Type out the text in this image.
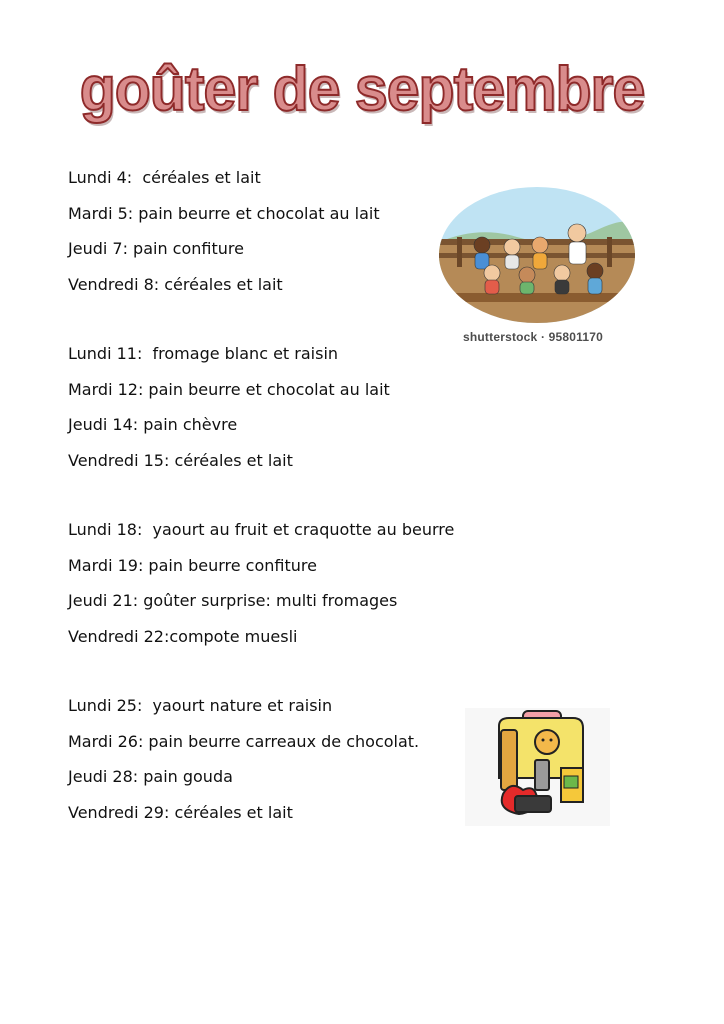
goûter de septembre
Lundi 4:  céréales et lait
Mardi 5: pain beurre et chocolat au lait
Jeudi 7: pain confiture
Vendredi 8: céréales et lait
Lundi 11:  fromage blanc et raisin
Mardi 12: pain beurre et chocolat au lait
Jeudi 14: pain chèvre
Vendredi 15: céréales et lait
Lundi 18:  yaourt au fruit et craquotte au beurre
Mardi 19: pain beurre confiture
Jeudi 21: goûter surprise: multi fromages
Vendredi 22:compote muesli
Lundi 25:  yaourt nature et raisin
Mardi 26: pain beurre carreaux de chocolat.
Jeudi 28: pain gouda
Vendredi 29: céréales et lait
shutterstock · 95801170
